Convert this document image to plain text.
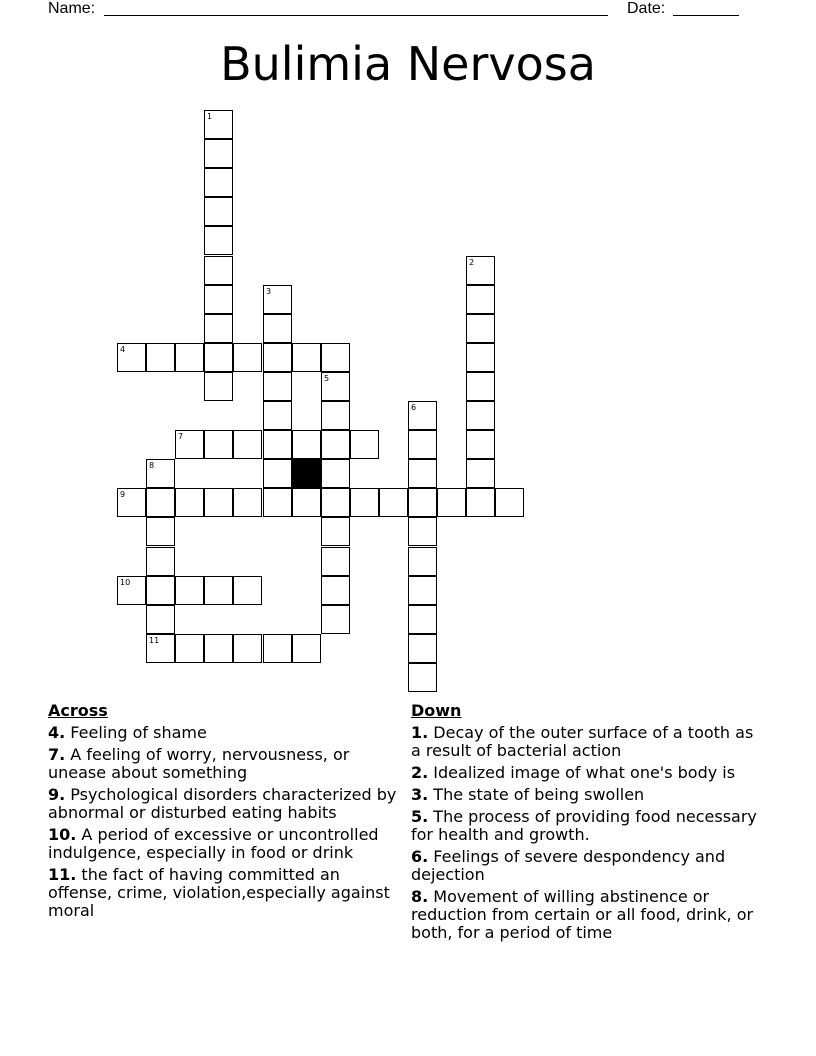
Name:	Date:
Bulimia Nervosa
1
2
3
4
5
6
7
8
9
10
11
Across
4. Feeling of shame
7. A feeling of worry, nervousness, or unease about something
9. Psychological disorders characterized by abnormal or disturbed eating habits
10. A period of excessive or uncontrolled indulgence, especially in food or drink
11. the fact of having committed an offense, crime, violation,especially against moral
Down
1. Decay of the outer surface of a tooth as a result of bacterial action
2. Idealized image of what one's body is
3. The state of being swollen
5. The process of providing food necessary for health and growth.
6. Feelings of severe despondency and dejection
8. Movement of willing abstinence or reduction from certain or all food, drink, or both, for a period of time
